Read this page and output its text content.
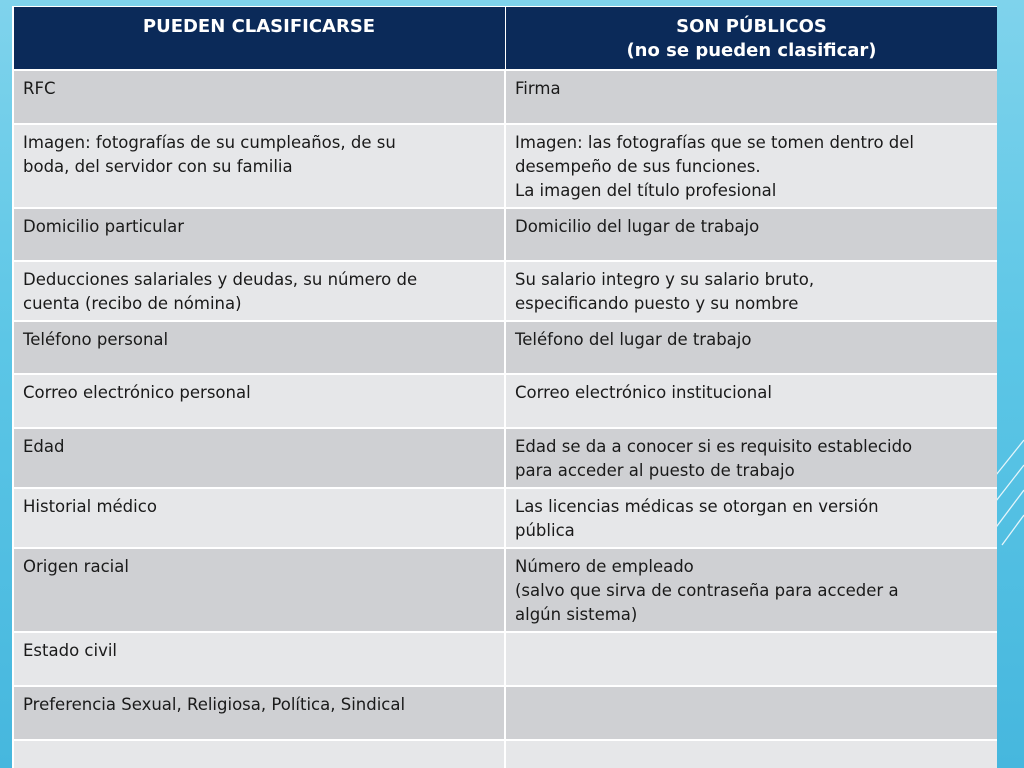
PUEDEN CLASIFICARSE	SON PÚBLICOS
(no se pueden clasificar)

RFC	Firma

Imagen: fotografías de su cumpleaños, de su
boda, del servidor con su familia	Imagen: las fotografías que se tomen dentro del
desempeño de sus funciones.
La imagen del título profesional

Domicilio particular	Domicilio del lugar de trabajo

Deducciones salariales y deudas, su número de
cuenta (recibo de nómina)	Su salario integro y su salario bruto,
especificando puesto y su nombre

Teléfono personal	Teléfono del lugar de trabajo

Correo electrónico personal	Correo electrónico institucional

Edad	Edad se da a conocer si es requisito establecido
para acceder al puesto de trabajo

Historial médico	Las licencias médicas se otorgan en versión
pública

Origen racial	Número de empleado
(salvo que sirva de contraseña para acceder a
algún sistema)

Estado civil	

Preferencia Sexual, Religiosa, Política, Sindical	
